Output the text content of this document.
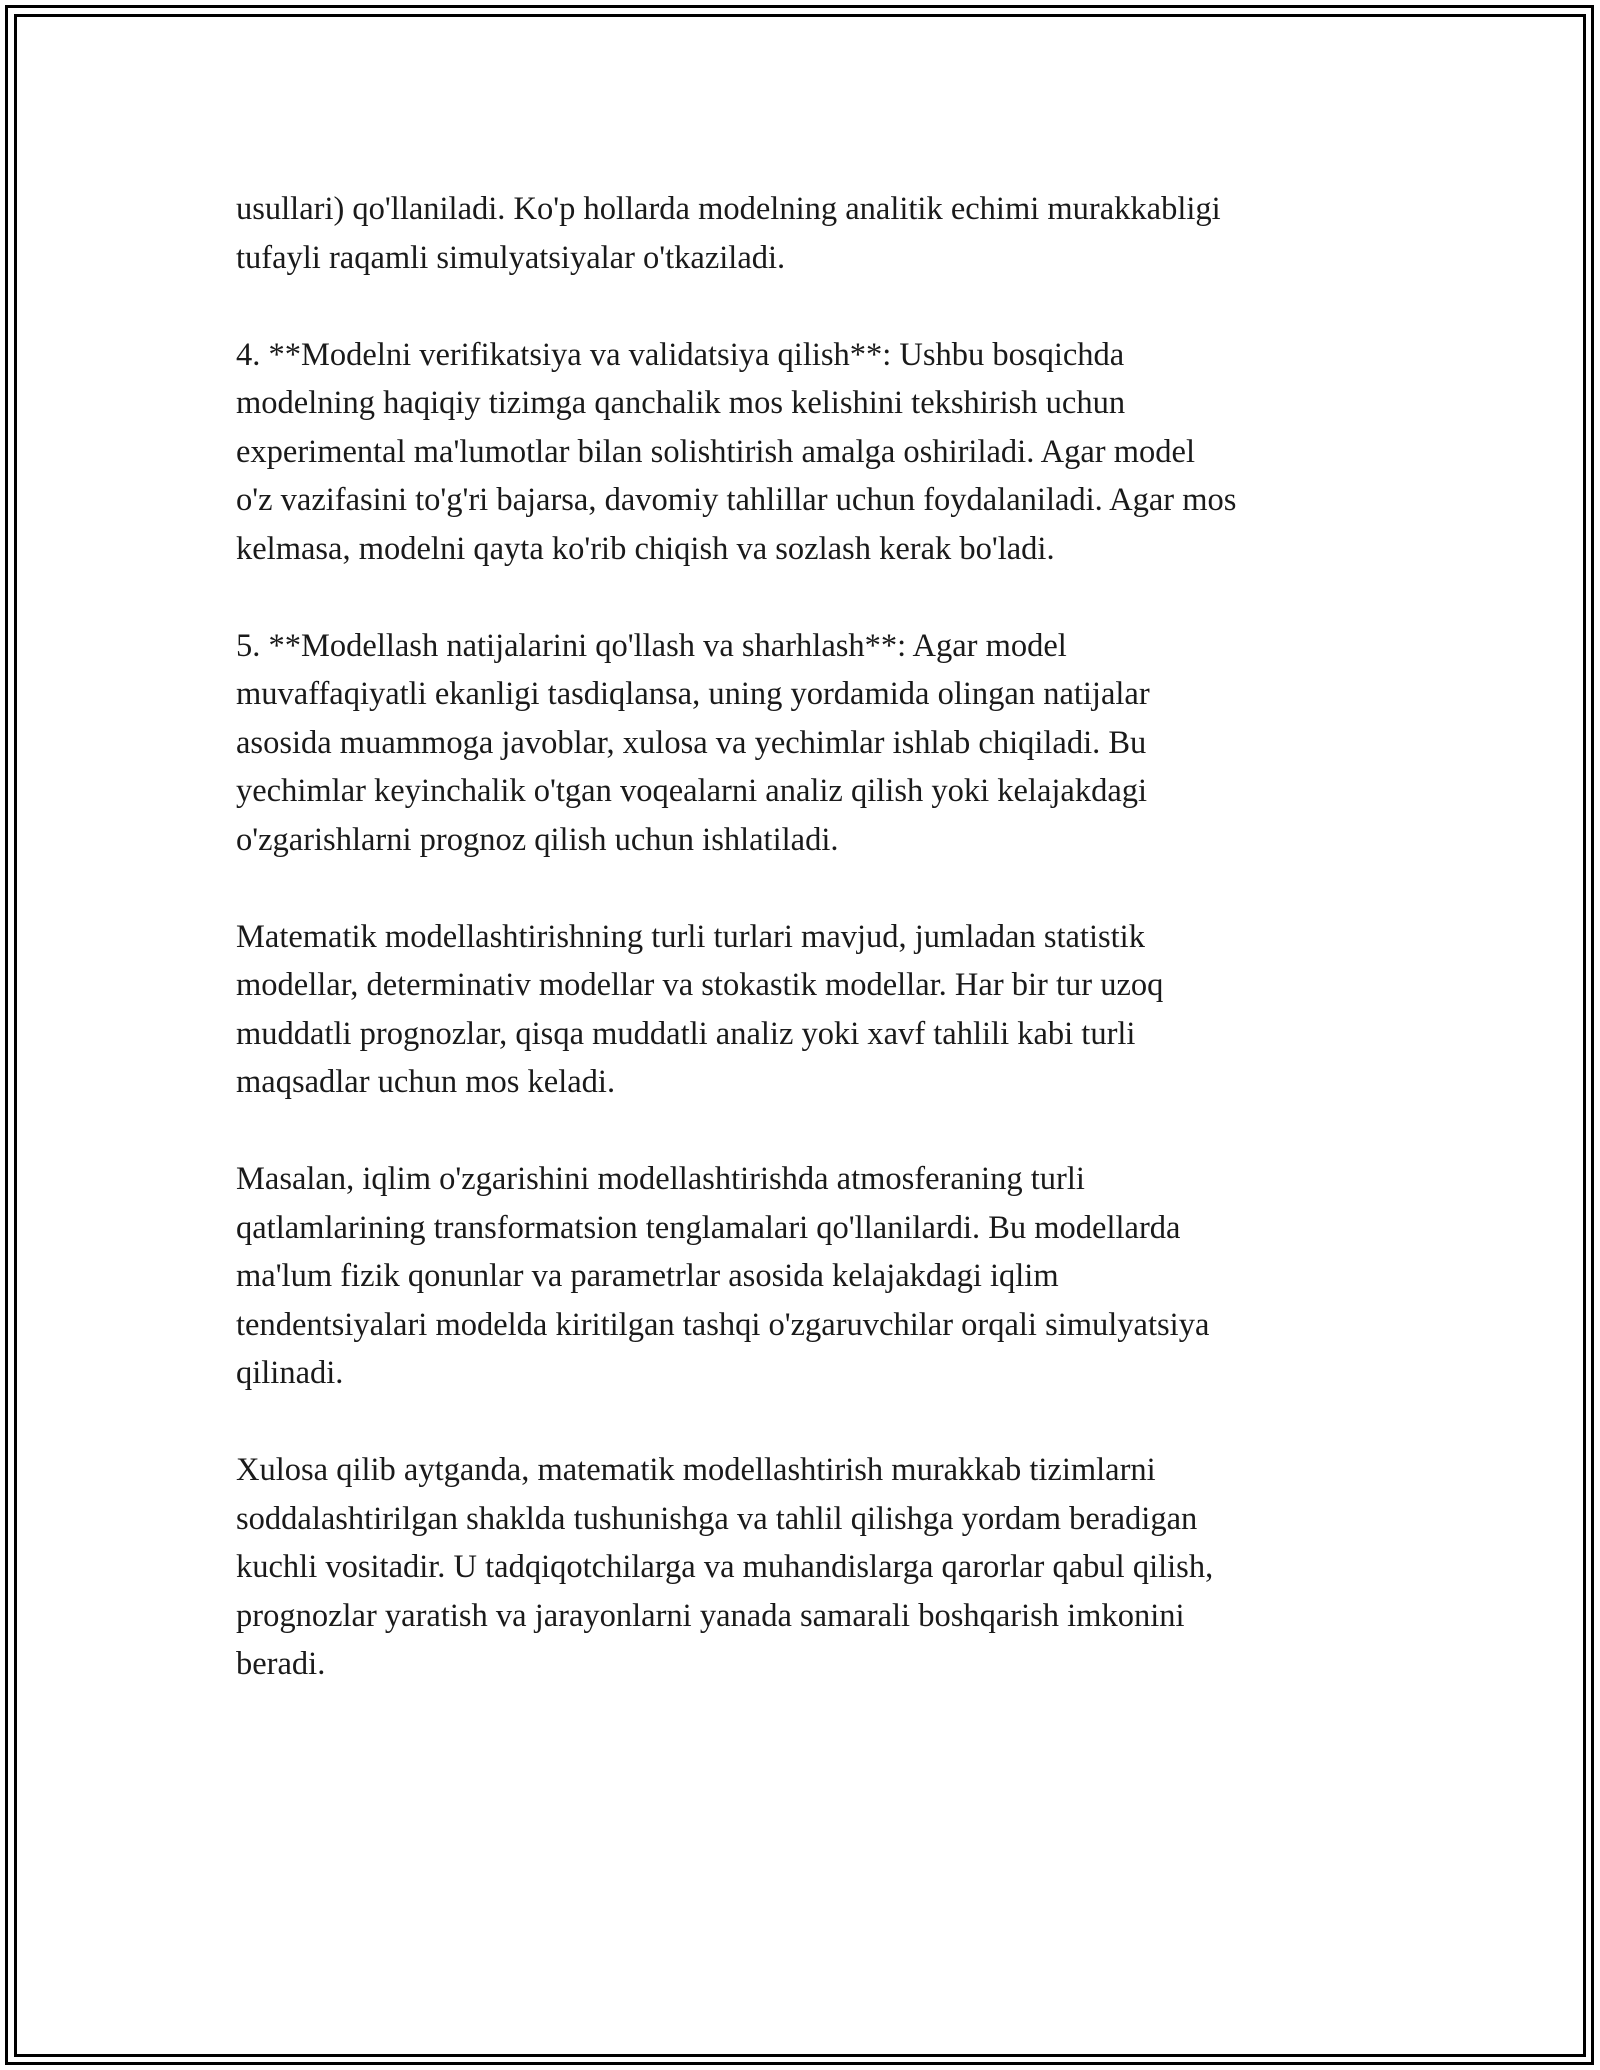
usullari) qo'llaniladi. Ko'p hollarda modelning analitik echimi murakkabligi
tufayli raqamli simulyatsiyalar o'tkaziladi.

4. **Modelni verifikatsiya va validatsiya qilish**: Ushbu bosqichda
modelning haqiqiy tizimga qanchalik mos kelishini tekshirish uchun
experimental ma'lumotlar bilan solishtirish amalga oshiriladi. Agar model
o'z vazifasini to'g'ri bajarsa, davomiy tahlillar uchun foydalaniladi. Agar mos
kelmasa, modelni qayta ko'rib chiqish va sozlash kerak bo'ladi.

5. **Modellash natijalarini qo'llash va sharhlash**: Agar model
muvaffaqiyatli ekanligi tasdiqlansa, uning yordamida olingan natijalar
asosida muammoga javoblar, xulosa va yechimlar ishlab chiqiladi. Bu
yechimlar keyinchalik o'tgan voqealarni analiz qilish yoki kelajakdagi
o'zgarishlarni prognoz qilish uchun ishlatiladi.

Matematik modellashtirishning turli turlari mavjud, jumladan statistik
modellar, determinativ modellar va stokastik modellar. Har bir tur uzoq
muddatli prognozlar, qisqa muddatli analiz yoki xavf tahlili kabi turli
maqsadlar uchun mos keladi.

Masalan, iqlim o'zgarishini modellashtirishda atmosferaning turli
qatlamlarining transformatsion tenglamalari qo'llanilardi. Bu modellarda
ma'lum fizik qonunlar va parametrlar asosida kelajakdagi iqlim
tendentsiyalari modelda kiritilgan tashqi o'zgaruvchilar orqali simulyatsiya
qilinadi.

Xulosa qilib aytganda, matematik modellashtirish murakkab tizimlarni
soddalashtirilgan shaklda tushunishga va tahlil qilishga yordam beradigan
kuchli vositadir. U tadqiqotchilarga va muhandislarga qarorlar qabul qilish,
prognozlar yaratish va jarayonlarni yanada samarali boshqarish imkonini
beradi.
